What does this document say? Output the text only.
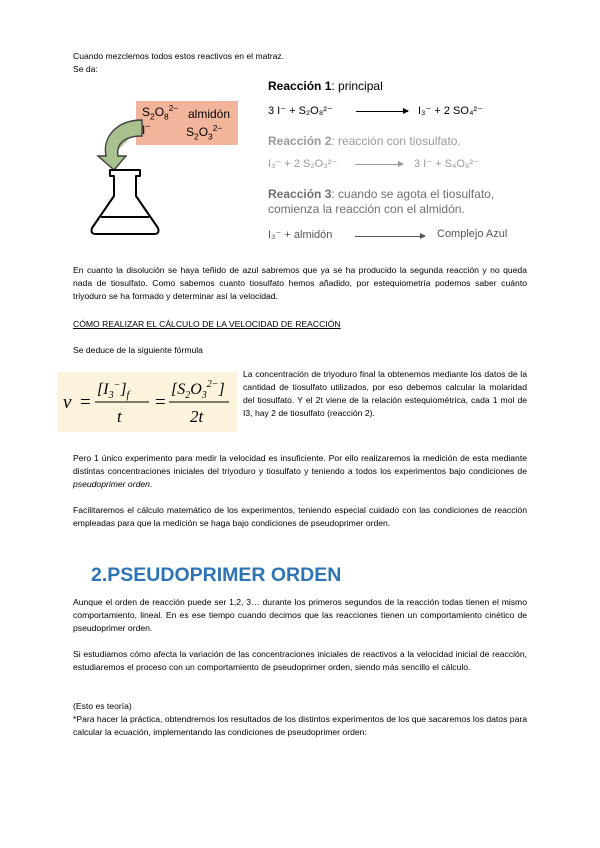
Cuando mezclemos todos estos reactivos en el matraz.
Se da:
$S_2O_8^{2-}$ almidón
I−	$S_2O_3^{2-}$
Reacción 1: principal
3 I⁻ + S₂O₈²⁻ → I₃⁻ + 2 SO₄²⁻
Reacción 2: reacción con tiosulfato.
I₃⁻ + 2 S₂O₃²⁻ → 3 I⁻ + S₄O₆²⁻
Reacción 3: cuando se agota el tiosulfato,
comienza la reacción con el almidón.
I₃⁻ + almidón	Complejo Azul
En cuanto la disolución se haya teñido de azul sabremos que ya se ha producido la segunda reacción y no queda nada de tiosulfato. Como sabemos cuanto tiosulfato hemos añadido, por estequiometría podemos saber cuánto triyoduro se ha formado y determinar así la velocidad.
CÓMO REALIZAR EL CÁLCULO DE LA VELOCIDAD DE REACCIÓN
Se deduce de la siguiente fórmula
v =
$[I_3^-]_f$
t
=
$[S_2O_3^{2-}]$
2t
La concentración de triyoduro final la obtenemos mediante los datos de la cantidad de tiosulfato utilizados, por eso debemos calcular la molaridad del tiosulfato. Y el 2t viene de la relación estequiométrica, cada 1 mol de I3, hay 2 de tiosulfato (reacción 2).
Pero 1 único experimento para medir la velocidad es insuficiente. Por ello realizaremos la medición de esta mediante distintas concentraciones iniciales del triyoduro y tiosulfato y teniendo a todos los experimentos bajo condiciones de pseudoprimer orden.
Facilitaremos el cálculo matemático de los experimentos, teniendo especial cuidado con las condiciones de reacción empleadas para que la medición se haga bajo condiciones de pseudoprimer orden.
2.PSEUDOPRIMER ORDEN
Aunque el orden de reacción puede ser 1,2, 3… durante los primeros segundos de la reacción todas tienen el mismo comportamiento, lineal. En es ese tiempo cuando decimos que las reacciones tienen un comportamiento cinético de pseudoprimer orden.
Si estudiamos cómo afecta la variación de las concentraciones iniciales de reactivos a la velocidad inicial de reacción, estudiaremos el proceso con un comportamiento de pseudoprimer orden, siendo más sencillo el cálculo.
(Esto es teoría)
*Para hacer la práctica, obtendremos los resultados de los distintos experimentos de los que sacaremos los datos para calcular la ecuación, implementando las condiciones de pseudoprimer orden:
